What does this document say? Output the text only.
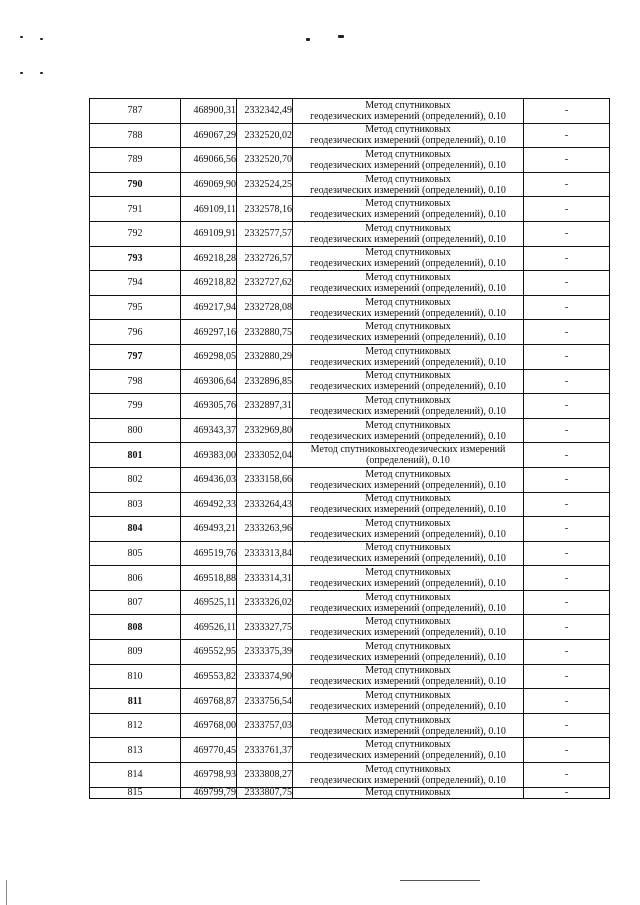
787	468900,31	2332342,49	Метод спутниковых
геодезических измерений (определений), 0.10	-
788	469067,29	2332520,02	Метод спутниковых
геодезических измерений (определений), 0.10	-
789	469066,56	2332520,70	Метод спутниковых
геодезических измерений (определений), 0.10	-
790	469069,90	2332524,25	Метод спутниковых
геодезических измерений (определений), 0.10	-
791	469109,11	2332578,16	Метод спутниковых
геодезических измерений (определений), 0.10	-
792	469109,91	2332577,57	Метод спутниковых
геодезических измерений (определений), 0.10	-
793	469218,28	2332726,57	Метод спутниковых
геодезических измерений (определений), 0.10	-
794	469218,82	2332727,62	Метод спутниковых
геодезических измерений (определений), 0.10	-
795	469217,94	2332728,08	Метод спутниковых
геодезических измерений (определений), 0.10	-
796	469297,16	2332880,75	Метод спутниковых
геодезических измерений (определений), 0.10	-
797	469298,05	2332880,29	Метод спутниковых
геодезических измерений (определений), 0.10	-
798	469306,64	2332896,85	Метод спутниковых
геодезических измерений (определений), 0.10	-
799	469305,76	2332897,31	Метод спутниковых
геодезических измерений (определений), 0.10	-
800	469343,37	2332969,80	Метод спутниковых
геодезических измерений (определений), 0.10	-
801	469383,00	2333052,04	Метод спутниковыхгеодезических измерений
(определений), 0.10	-
802	469436,03	2333158,66	Метод спутниковых
геодезических измерений (определений), 0.10	-
803	469492,33	2333264,43	Метод спутниковых
геодезических измерений (определений), 0.10	-
804	469493,21	2333263,96	Метод спутниковых
геодезических измерений (определений), 0.10	-
805	469519,76	2333313,84	Метод спутниковых
геодезических измерений (определений), 0.10	-
806	469518,88	2333314,31	Метод спутниковых
геодезических измерений (определений), 0.10	-
807	469525,11	2333326,02	Метод спутниковых
геодезических измерений (определений), 0.10	-
808	469526,11	2333327,75	Метод спутниковых
геодезических измерений (определений), 0.10	-
809	469552,95	2333375,39	Метод спутниковых
геодезических измерений (определений), 0.10	-
810	469553,82	2333374,90	Метод спутниковых
геодезических измерений (определений), 0.10	-
811	469768,87	2333756,54	Метод спутниковых
геодезических измерений (определений), 0.10	-
812	469768,00	2333757,03	Метод спутниковых
геодезических измерений (определений), 0.10	-
813	469770,45	2333761,37	Метод спутниковых
геодезических измерений (определений), 0.10	-
814	469798,93	2333808,27	Метод спутниковых
геодезических измерений (определений), 0.10	-
815	469799,79	2333807,75	Метод спутниковых	-
